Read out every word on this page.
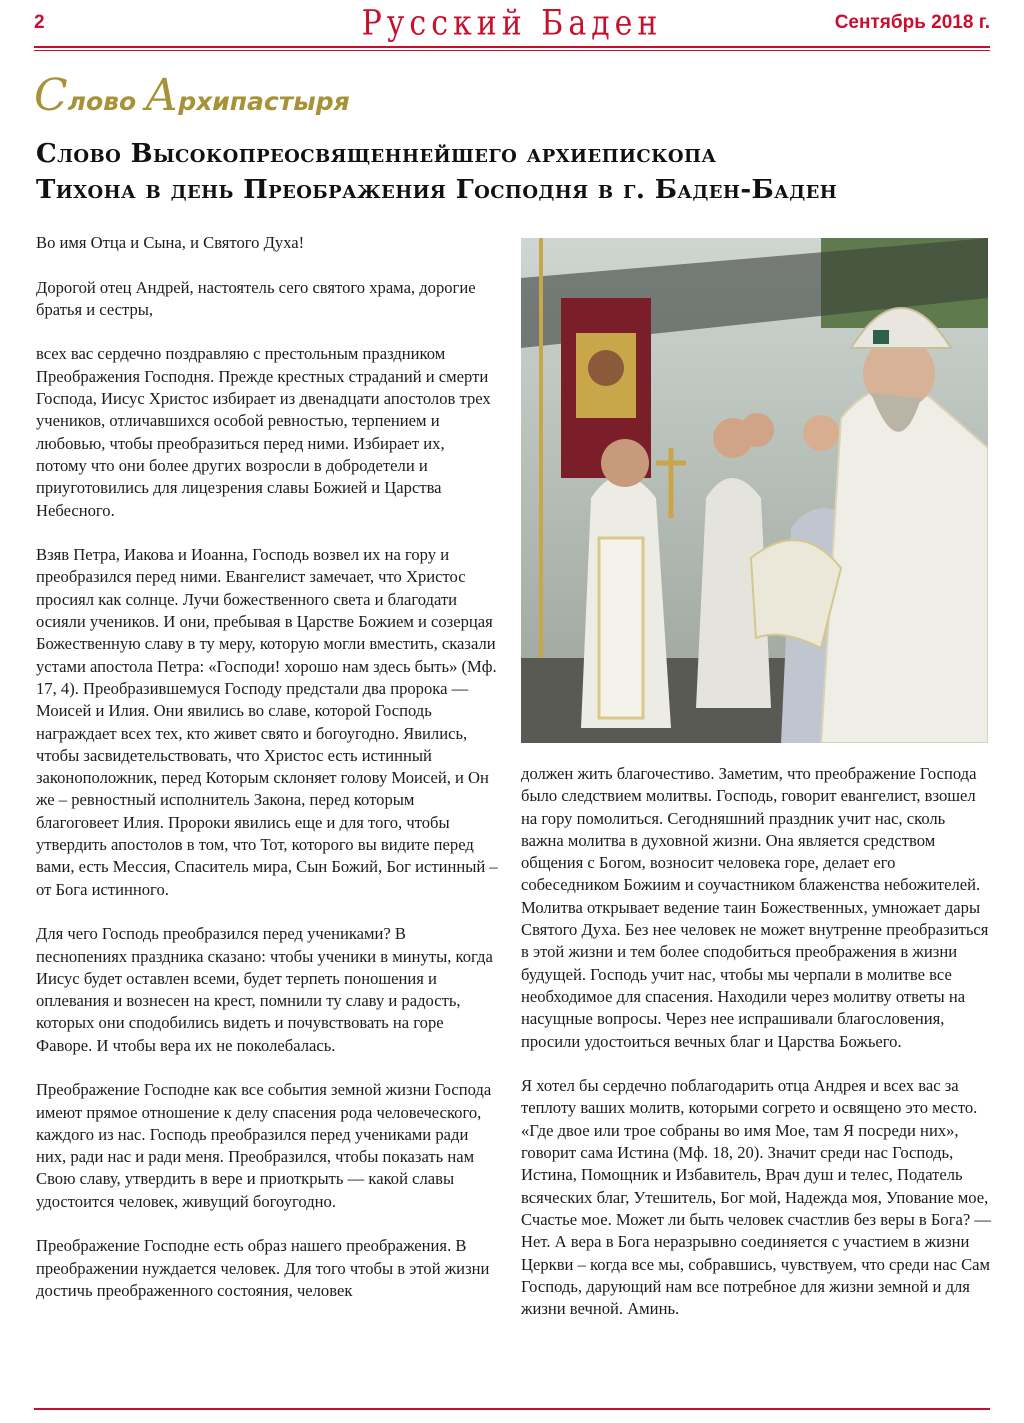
2	Русский Баден	Сентябрь 2018 г.
Слово Архипастыря
Слово Высокопреосвященнейшего архиепископа
Тихона в день Преображения Господня в г. Баден-Баден

Во имя Отца и Сына, и Святого Духа!

Дорогой отец Андрей, настоятель сего святого храма, дорогие братья и сестры,

всех вас сердечно поздравляю с престольным праздником Преображения Господня. Прежде крестных страданий и смерти Господа, Иисус Христос избирает из двенадцати апостолов трех учеников, отличавшихся особой ревностью, терпением и любовью, чтобы преобразиться перед ними. Избирает их, потому что они более других возросли в добродетели и приуготовились для лицезрения славы Божией и Царства Небесного.

Взяв Петра, Иакова и Иоанна, Господь возвел их на гору и преобразился перед ними. Евангелист замечает, что Христос просиял как солнце. Лучи божественного света и благодати осияли учеников. И они, пребывая в Царстве Божием и созерцая Божественную славу в ту меру, которую могли вместить, сказали устами апостола Петра: «Господи! хорошо нам здесь быть» (Мф. 17, 4). Преобразившемуся Господу предстали два пророка — Моисей и Илия. Они явились во славе, которой Господь награждает всех тех, кто живет свято и богоугодно. Явились, чтобы засвидетельствовать, что Христос есть истинный законоположник, перед Которым склоняет голову Моисей, и Он же – ревностный исполнитель Закона, перед которым благоговеет Илия. Пророки явились еще и для того, чтобы утвердить апостолов в том, что Тот, которого вы видите перед вами, есть Мессия, Спаситель мира, Сын Божий, Бог истинный – от Бога истинного.

Для чего Господь преобразился перед учениками? В песнопениях праздника сказано: чтобы ученики в минуты, когда Иисус будет оставлен всеми, будет терпеть поношения и оплевания и вознесен на крест, помнили ту славу и радость, которых они сподобились видеть и почувствовать на горе Фаворе. И чтобы вера их не поколебалась.

Преображение Господне как все события земной жизни Господа имеют прямое отношение к делу спасения рода человеческого, каждого из нас. Господь преобразился перед учениками ради них, ради нас и ради меня. Преобразился, чтобы показать нам Свою славу, утвердить в вере и приоткрыть — какой славы удостоится человек, живущий богоугодно.

Преображение Господне есть образ нашего преображения. В преображении нуждается человек. Для того чтобы в этой жизни достичь преображенного состояния, человек

должен жить благочестиво. Заметим, что преображение Господа было следствием молитвы. Господь, говорит евангелист, взошел на гору помолиться. Сегодняшний праздник учит нас, сколь важна молитва в духовной жизни. Она является средством общения с Богом, возносит человека горе, делает его собеседником Божиим и соучастником блаженства небожителей. Молитва открывает ведение таин Божественных, умножает дары Святого Духа. Без нее человек не может внутренне преобразиться в этой жизни и тем более сподобиться преображения в жизни будущей. Господь учит нас, чтобы мы черпали в молитве все необходимое для спасения. Находили через молитву ответы на насущные вопросы. Через нее испрашивали благословения, просили удостоиться вечных благ и Царства Божьего.

Я хотел бы сердечно поблагодарить отца Андрея и всех вас за теплоту ваших молитв, которыми согрето и освящено это место. «Где двое или трое собраны во имя Мое, там Я посреди них», говорит сама Истина (Мф. 18, 20). Значит среди нас Господь, Истина, Помощник и Избавитель, Врач душ и телес, Податель всяческих благ, Утешитель, Бог мой, Надежда моя, Упование мое, Счастье мое. Может ли быть человек счастлив без веры в Бога? — Нет. А вера в Бога неразрывно соединяется с участием в жизни Церкви – когда все мы, собравшись, чувствуем, что среди нас Сам Господь, дарующий нам все потребное для жизни земной и для жизни вечной. Аминь.
